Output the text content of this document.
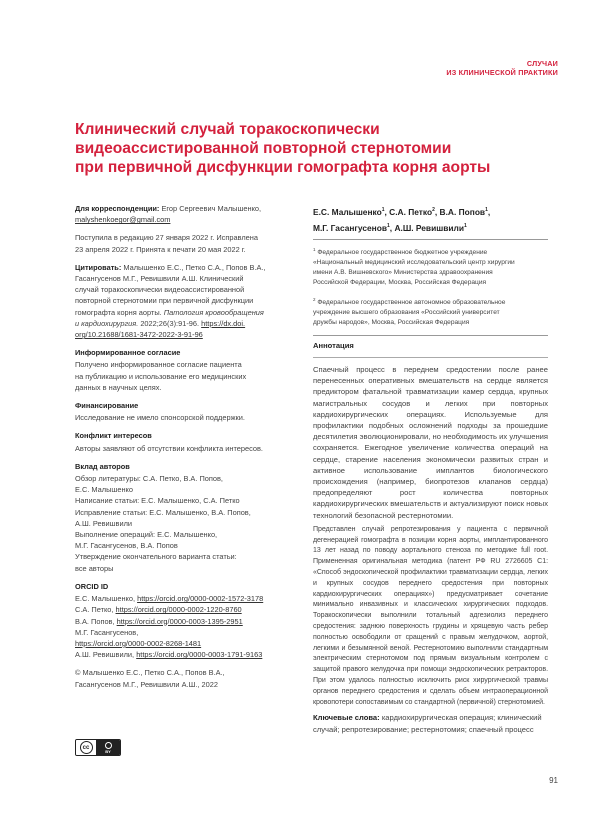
СЛУЧАИ
ИЗ КЛИНИЧЕСКОЙ ПРАКТИКИ
Клинический случай торакоскопически
видеоассистированной повторной стернотомии
при первичной дисфункции гомографта корня аорты
Для корреспонденции: Егор Сергеевич Малышенко,
malyshenkoegor@gmail.com
Поступила в редакцию 27 января 2022 г. Исправлена
23 апреля 2022 г. Принята к печати 20 мая 2022 г.
Цитировать: Малышенко Е.С., Петко С.А., Попов В.А.,
Гасангусенов М.Г., Ревишвили А.Ш. Клинический
случай торакоскопически видеоассистированной
повторной стернотомии при первичной дисфункции
гомографта корня аорты. Патология кровообращения
и кардиохирургия. 2022;26(3):91-96. https://dx.doi.
org/10.21688/1681-3472-2022-3-91-96
Информированное согласие
Получено информированное согласие пациента
на публикацию и использование его медицинских
данных в научных целях.
Финансирование
Исследование не имело спонсорской поддержки.
Конфликт интересов
Авторы заявляют об отсутствии конфликта интересов.
Вклад авторов
Обзор литературы: С.А. Петко, В.А. Попов,
Е.С. Малышенко
Написание статьи: Е.С. Малышенко, С.А. Петко
Исправление статьи: Е.С. Малышенко, В.А. Попов,
А.Ш. Ревишвили
Выполнение операций: Е.С. Малышенко,
М.Г. Гасангусенов, В.А. Попов
Утверждение окончательного варианта статьи:
все авторы
ORCID ID
Е.С. Малышенко, https://orcid.org/0000-0002-1572-3178
С.А. Петко, https://orcid.org/0000-0002-1220-8760
В.А. Попов, https://orcid.org/0000-0003-1395-2951
М.Г. Гасангусенов,
https://orcid.org/0000-0002-8268-1481
А.Ш. Ревишвили, https://orcid.org/0000-0003-1791-9163
© Малышенко Е.С., Петко С.А., Попов В.А.,
Гасангусенов М.Г., Ревишвили А.Ш., 2022
cc
BY
Е.С. Малышенко$^1$, С.А. Петко$^2$, В.А. Попов$^1$,
М.Г. Гасангусенов$^1$, А.Ш. Ревишвили$^1$
$^1$ Федеральное государственное бюджетное учреждение
«Национальный медицинский исследовательский центр хирургии
имени А.В. Вишневского» Министерства здравоохранения
Российской Федерации, Москва, Российская Федерация
$^2$ Федеральное государственное автономное образовательное
учреждение высшего образования «Российский университет
дружбы народов», Москва, Российская Федерация
Аннотация

Спаечный процесс в переднем средостении после ранее перенесенных оперативных вмешательств на сердце является предиктором фатальной травматизации камер сердца, крупных магистральных сосудов и легких при повторных кардиохирургических операциях. Используемые для профилактики подобных осложнений подходы за прошедшие десятилетия эволюционировали, но необходимость их улучшения сохраняется. Ежегодное увеличение количества операций на сердце, старение населения экономически развитых стран и активное использование имплантов биологического происхождения (например, биопротезов клапанов сердца) предопределяют рост количества повторных кардиохирургических вмешательств и актуализируют поиск новых технологий безопасной рестернотомии.

Представлен случай репротезирования у пациента с первичной дегенерацией гомографта в позиции корня аорты, имплантированного 13 лет назад по поводу аортального стеноза по методике full root. Примененная оригинальная методика (патент РФ RU 2726605 C1: «Способ эндоскопической профилактики травматизации сердца, легких и крупных сосудов переднего средостения при повторных кардиохирургических операциях») предусматривает сочетание минимально инвазивных и классических хирургических подходов. Торакоскопически выполнили тотальный адгезиолиз переднего средостения: заднюю поверхность грудины и хрящевую часть ребер полностью освободили от сращений с правым желудочком, аортой, легкими и безымянной веной. Рестернотомию выполнили стандартным электрическим стернотомом под прямым визуальным контролем с защитой правого желудочка при помощи эндоскопических ретракторов. При этом удалось полностью исключить риск хирургической травмы органов переднего средостения и сделать объем интраоперационной кровопотери сопоставимым со стандартной (первичной) стернотомией.

Ключевые слова: кардиохирургическая операция; клинический случай; репротезирование; рестернотомия; спаечный процесс
91
